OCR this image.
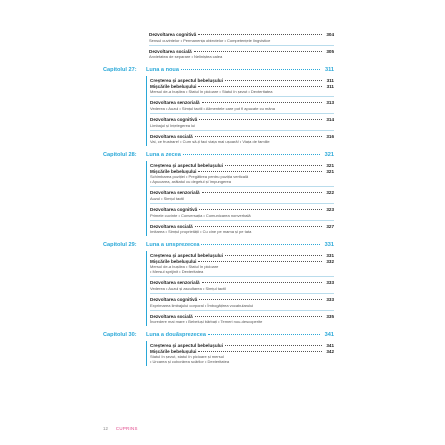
Dezvoltarea cognitivă	304
Sensul cuvintelor • Permanența obiectelor • Competențele lingvistice
Dezvoltarea socială	305
Anxietatea de separare • Neliniștea calea
Capitolul 27:	Luna a noua	311
Creșterea și aspectul bebelușului	311
Mișcările bebelușului	311
Mersul de-a bușilea • Statul în picioare • Statul în șezut • Dexteritatea
Dezvoltarea senzorială	313
Vederea • Auzul • Simțul tactil • Alimentele care pot fi apucate cu mâna
Dezvoltarea cognitivă	314
Limbajul și înțelegerea lui
Dezvoltarea socială	316
Vai, ce frustrare! • Cum să-ți faci viața mai ușoară! • Viața de familie
Capitolul 28:	Luna a zecea	321
Creșterea și aspectul bebelușului	321
Mișcările bebelușului	321
Schimbarea poziției • Pregătirea pentru poziția verticală
• Apucarea, arătatul cu degetul și împungerea
Dezvoltarea senzorială	322
Auzul • Simțul tactil
Dezvoltarea cognitivă	323
Primele cuvinte • Conversația • Comunicarea nonverbală
Dezvoltarea socială	327
Imitarea • Simțul proprietății • Cu cine pe mama și pe tata
Capitolul 29:	Luna a unsprezecea	331
Creșterea și aspectul bebelușului	331
Mișcările bebelușului	332
Mersul de-a bușilea • Statul în picioare
• Mersul sprijinit • Dexteritatea
Dezvoltarea senzorială	333
Vederea • Auzul și ascultarea • Simțul tactil
Dezvoltarea cognitivă	333
Exprimarea limbajului corporal • Îmbogățirea vocabularului
Dezvoltarea socială	335
Încredere mai mare • Bebeluși bărbați • Temeri nou-descoperite
Capitolul 30:	Luna a douăsprezecea	341
Creșterea și aspectul bebelușului	341
Mișcările bebelușului	342
Statul în șezut, statul în picioare și mersul
• Urcarea și coborârea scărilor • Dexteritatea
12 CUPRINS
